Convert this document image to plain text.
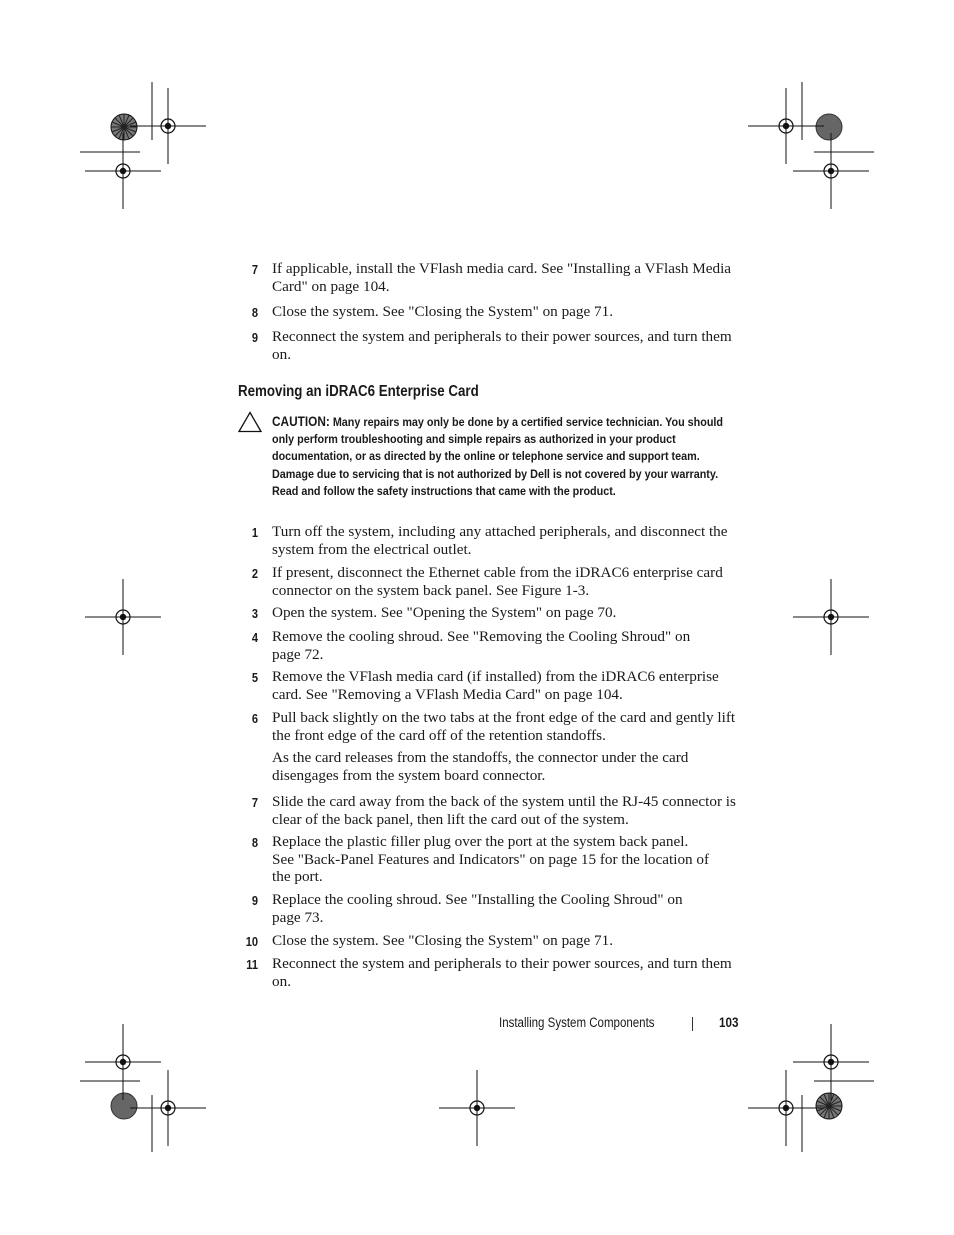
7 If applicable, install the VFlash media card. See "Installing a VFlash Media Card" on page 104.
8 Close the system. See "Closing the System" on page 71.
9 Reconnect the system and peripherals to their power sources, and turn them on.
Removing an iDRAC6 Enterprise Card
CAUTION: Many repairs may only be done by a certified service technician. You should only perform troubleshooting and simple repairs as authorized in your product documentation, or as directed by the online or telephone service and support team. Damage due to servicing that is not authorized by Dell is not covered by your warranty. Read and follow the safety instructions that came with the product.
1 Turn off the system, including any attached peripherals, and disconnect the system from the electrical outlet.
2 If present, disconnect the Ethernet cable from the iDRAC6 enterprise card connector on the system back panel. See Figure 1-3.
3 Open the system. See "Opening the System" on page 70.
4 Remove the cooling shroud. See "Removing the Cooling Shroud" on page 72.
5 Remove the VFlash media card (if installed) from the iDRAC6 enterprise card. See "Removing a VFlash Media Card" on page 104.
6 Pull back slightly on the two tabs at the front edge of the card and gently lift the front edge of the card off of the retention standoffs.
As the card releases from the standoffs, the connector under the card disengages from the system board connector.
7 Slide the card away from the back of the system until the RJ-45 connector is clear of the back panel, then lift the card out of the system.
8 Replace the plastic filler plug over the port at the system back panel. See "Back-Panel Features and Indicators" on page 15 for the location of the port.
9 Replace the cooling shroud. See "Installing the Cooling Shroud" on page 73.
10 Close the system. See "Closing the System" on page 71.
11 Reconnect the system and peripherals to their power sources, and turn them on.
Installing System Components	103
